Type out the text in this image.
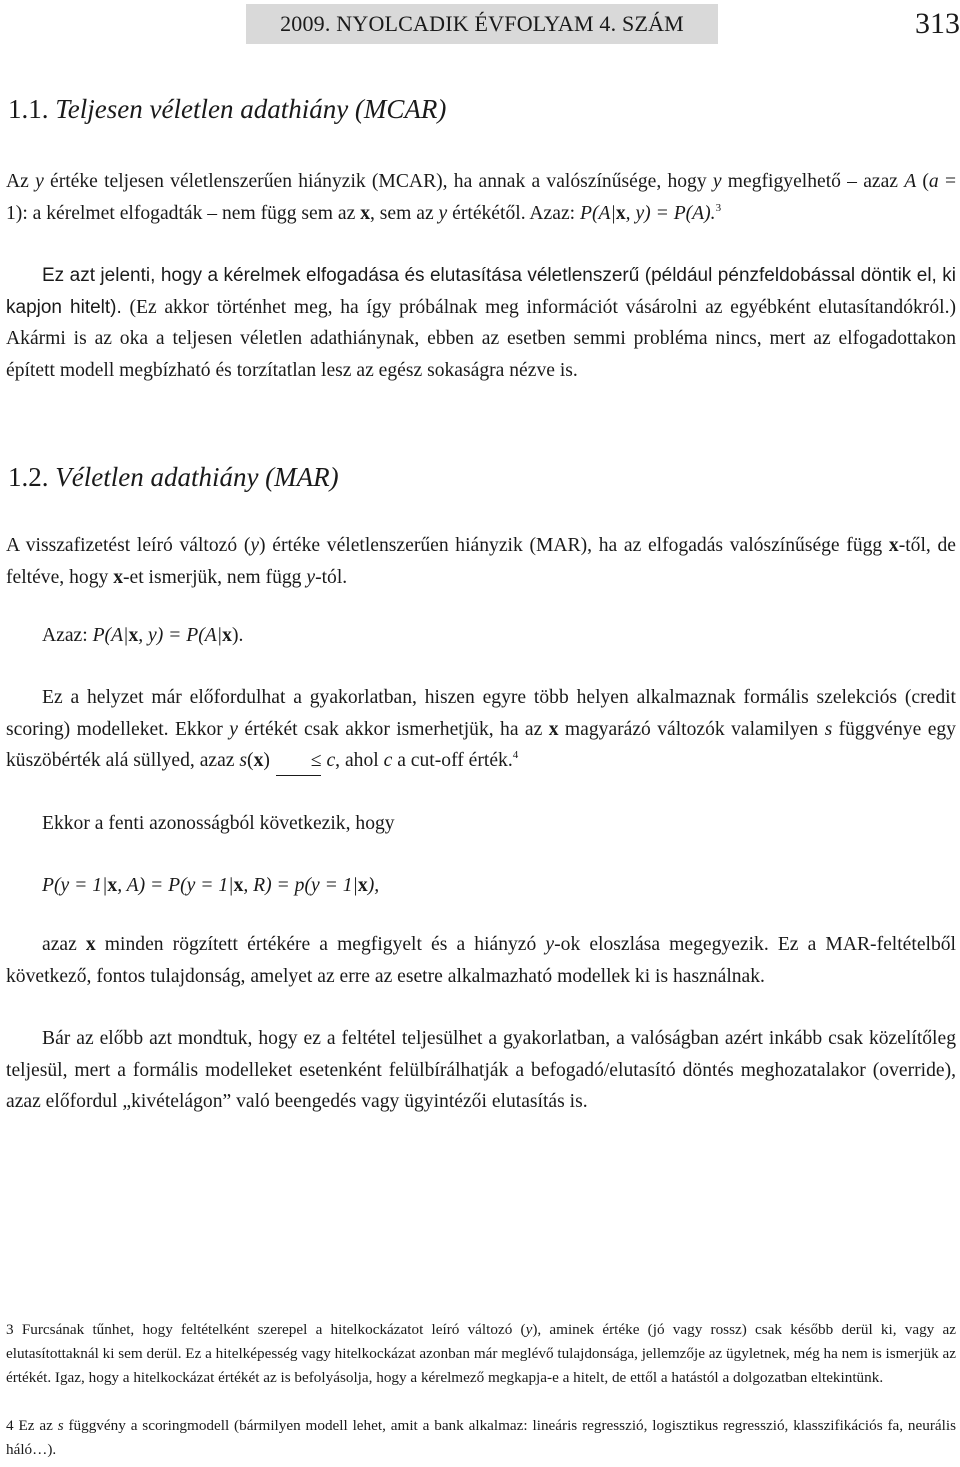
2009. NYOLCADIK ÉVFOLYAM 4. SZÁM	313
1.1. Teljesen véletlen adathiány (MCAR)

Az y értéke teljesen véletlenszerűen hiányzik (MCAR), ha annak a valószínűsége, hogy y megfigyelhető – azaz A (a = 1): a kérelmet elfogadták – nem függ sem az x, sem az y értékétől. Azaz: P(A|x, y) = P(A).$^3$

Ez azt jelenti, hogy a kérelmek elfogadása és elutasítása véletlenszerű (például pénzfeldobással döntik el, ki kapjon hitelt). (Ez akkor történhet meg, ha így próbálnak meg információt vásárolni az egyébként elutasítandókról.) Akármi is az oka a teljesen véletlen adathiánynak, ebben az esetben semmi probléma nincs, mert az elfogadottakon épített modell megbízható és torzítatlan lesz az egész sokaságra nézve is.

1.2. Véletlen adathiány (MAR)

A visszafizetést leíró változó (y) értéke véletlenszerűen hiányzik (MAR), ha az elfogadás valószínűsége függ x-től, de feltéve, hogy x-et ismerjük, nem függ y-tól.

Azaz: P(A|x, y) = P(A|x).

Ez a helyzet már előfordulhat a gyakorlatban, hiszen egyre több helyen alkalmaznak formális szelekciós (credit scoring) modelleket. Ekkor y értékét csak akkor ismerhetjük, ha az x magyarázó változók valamilyen s függvénye egy küszöbérték alá süllyed, azaz s(x) ≤ c, ahol c a cut-off érték.$^4$

Ekkor a fenti azonosságból következik, hogy

P(y = 1|x, A) = P(y = 1|x, R) = p(y = 1|x),

azaz x minden rögzített értékére a megfigyelt és a hiányzó y-ok eloszlása megegyezik. Ez a MAR-feltételből következő, fontos tulajdonság, amelyet az erre az esetre alkalmazható modellek ki is használnak.

Bár az előbb azt mondtuk, hogy ez a feltétel teljesülhet a gyakorlatban, a valóságban azért inkább csak közelítőleg teljesül, mert a formális modelleket esetenként felülbírálhatják a befogadó/elutasító döntés meghozatalakor (override), azaz előfordul „kivételágon” való beengedés vagy ügyintézői elutasítás is.

3 Furcsának tűnhet, hogy feltételként szerepel a hitelkockázatot leíró változó (y), aminek értéke (jó vagy rossz) csak később derül ki, vagy az elutasítottaknál ki sem derül. Ez a hitelképesség vagy hitelkockázat azonban már meglévő tulajdonsága, jellemzője az ügyletnek, még ha nem is ismerjük az értékét. Igaz, hogy a hitelkockázat értékét az is befolyásolja, hogy a kérelmező megkapja-e a hitelt, de ettől a hatástól a dolgozatban eltekintünk.

4 Ez az s függvény a scoringmodell (bármilyen modell lehet, amit a bank alkalmaz: lineáris regresszió, logisztikus regresszió, klasszifikációs fa, neurális háló…).
